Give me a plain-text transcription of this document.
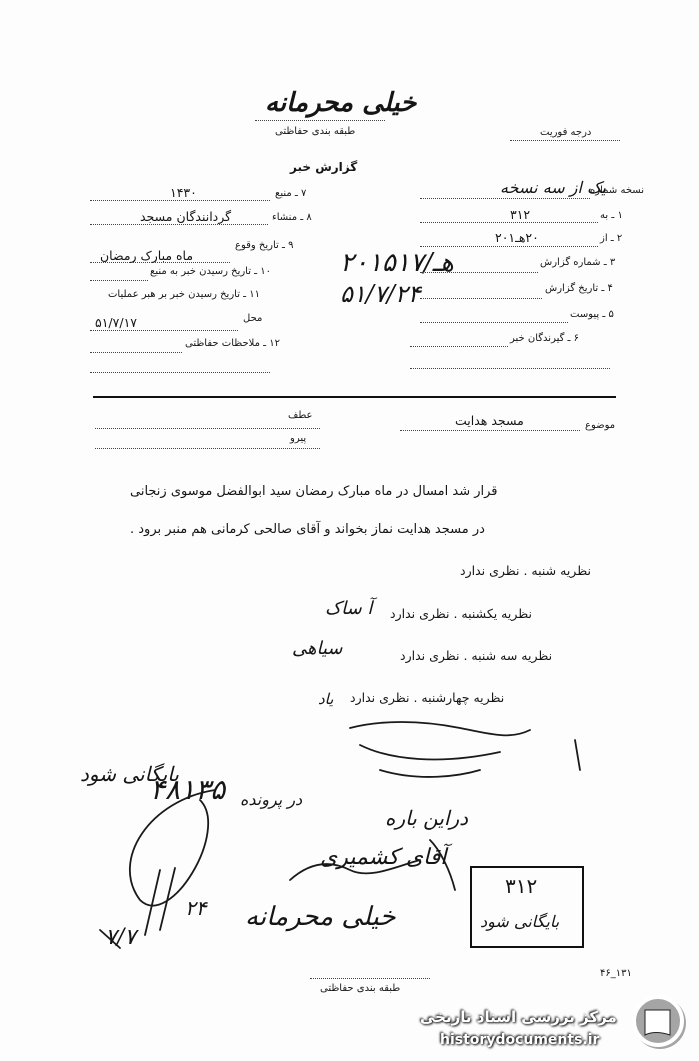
خیلی محرمانه
طبقه بندی حفاظتی	درجه فوریت
گزارش خبر
نسخه شماره
یک از سه نسخه
۱ ـ به
۳۱۲
۲ ـ از
۲۰هـ۲۰۱
۳ ـ شماره گزارش
۲۰هـ/۱۵۱۷
۴ ـ تاریخ گزارش
۵۱/۷/۲۴
۵ ـ پیوست
۶ ـ گیرندگان خبر
۷ ـ منبع
۱۴۳۰
۸ ـ منشاء
گردانندگان مسجد
۹ ـ تاریخ وقوع
ماه مبارک رمضان
۱۰ ـ تاریخ رسیدن خبر به منبع
۱۱ ـ تاریخ رسیدن خبر بر هبر عملیات
محل
۵۱/۷/۱۷
۱۲ ـ ملاحظات حفاظتی
موضوع
مسجد هدایت
عطف
پیرو
قرار شد امسال در ماه مبارک رمضان سید ابوالفضل موسوی زنجانی
در مسجد هدایت نماز بخواند و آقای صالحی کرمانی هم منبر برود .
نظریه شنبه . نظری ندارد
نظریه یکشنبه . نظری ندارد
نظریه سه شنبه . نظری ندارد
نظریه چهارشنبه . نظری ندارد
آ ساک
سیاهی
یاد
۴۸۱۳۵
بایگانی شود
در پرونده
دراین باره
آقای کشمیری
۲۴
۷/۷
۳۱۲
بایگانی شود
خیلی محرمانه
طبقه بندی حفاظتی
۴۶_۱۳۱
مرکز بررسی اسناد تاریخی
historydocuments.ir
